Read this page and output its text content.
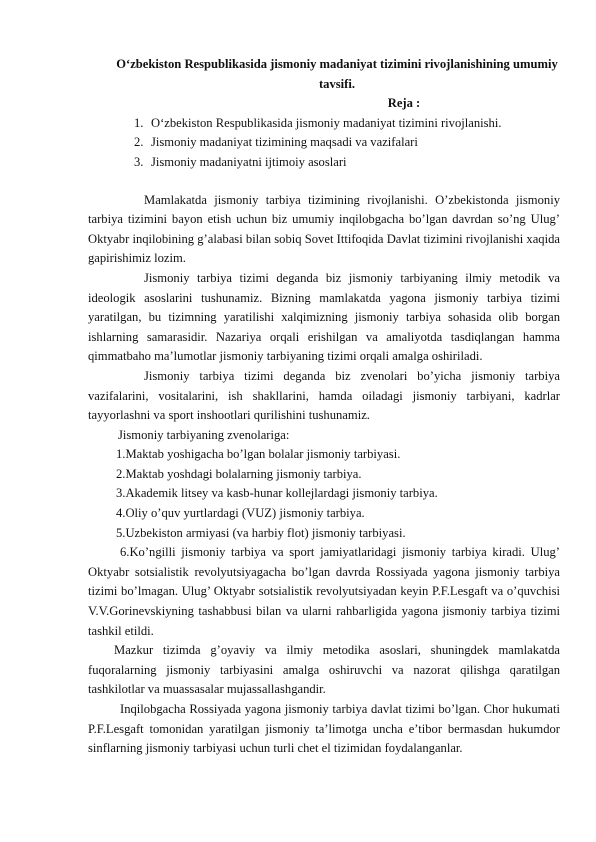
O‘zbekiston Respublikasida jismoniy madaniyat tizimini rivojlanishining umumiy tavsifi.

Reja :

1. O‘zbekiston Respublikasida jismoniy madaniyat tizimini rivojlanishi.
2. Jismoniy madaniyat tizimining maqsadi va vazifalari
3. Jismoniy madaniyatni ijtimoiy asoslari

Mamlakatda jismoniy tarbiya tizimining rivojlanishi. O’zbekistonda jismoniy tarbiya tizimini bayon etish uchun biz umumiy inqilobgacha bo’lgan davrdan so’ng Ulug’ Oktyabr inqilobining g’alabasi bilan sobiq Sovet Ittifoqida Davlat tizimini rivojlanishi xaqida gapirishimiz lozim.

Jismoniy tarbiya tizimi deganda biz jismoniy tarbiyaning ilmiy metodik va ideologik asoslarini tushunamiz. Bizning mamlakatda yagona jismoniy tarbiya tizimi yaratilgan, bu tizimning yaratilishi xalqimizning jismoniy tarbiya sohasida olib borgan ishlarning samarasidir. Nazariya orqali erishilgan va amaliyotda tasdiqlangan hamma qimmatbaho ma’lumotlar jismoniy tarbiyaning tizimi orqali amalga oshiriladi.

Jismoniy tarbiya tizimi deganda biz zvenolari bo’yicha jismoniy tarbiya vazifalarini, vositalarini, ish shakllarini, hamda oiladagi jismoniy tarbiyani, kadrlar tayyorlashni va sport inshootlari qurilishini tushunamiz.

Jismoniy tarbiyaning zvenolariga:

1.Maktab yoshigacha bo’lgan bolalar jismoniy tarbiyasi.

2.Maktab yoshdagi bolalarning jismoniy tarbiya.

3.Akademik litsey va kasb-hunar kollejlardagi jismoniy tarbiya.

4.Oliy o’quv yurtlardagi (VUZ) jismoniy tarbiya.

5.Uzbekiston armiyasi (va harbiy flot) jismoniy tarbiyasi.

6.Ko’ngilli jismoniy tarbiya va sport jamiyatlaridagi jismoniy tarbiya kiradi. Ulug’ Oktyabr sotsialistik revolyutsiyagacha bo’lgan davrda Rossiyada yagona jismoniy tarbiya tizimi bo’lmagan. Ulug’ Oktyabr sotsialistik revolyutsiyadan keyin P.F.Lesgaft va o’quvchisi V.V.Gorinevskiyning tashabbusi bilan va ularni rahbarligida yagona jismoniy tarbiya tizimi tashkil etildi.

Mazkur tizimda g’oyaviy va ilmiy metodika asoslari, shuningdek mamlakatda fuqoralarning jismoniy tarbiyasini amalga oshiruvchi va nazorat qilishga qaratilgan tashkilotlar va muassasalar mujassallashgandir.

Inqilobgacha Rossiyada yagona jismoniy tarbiya davlat tizimi bo’lgan. Chor hukumati P.F.Lesgaft tomonidan yaratilgan jismoniy ta’limotga uncha e’tibor bermasdan hukumdor sinflarning jismoniy tarbiyasi uchun turli chet el tizimidan foydalanganlar.
